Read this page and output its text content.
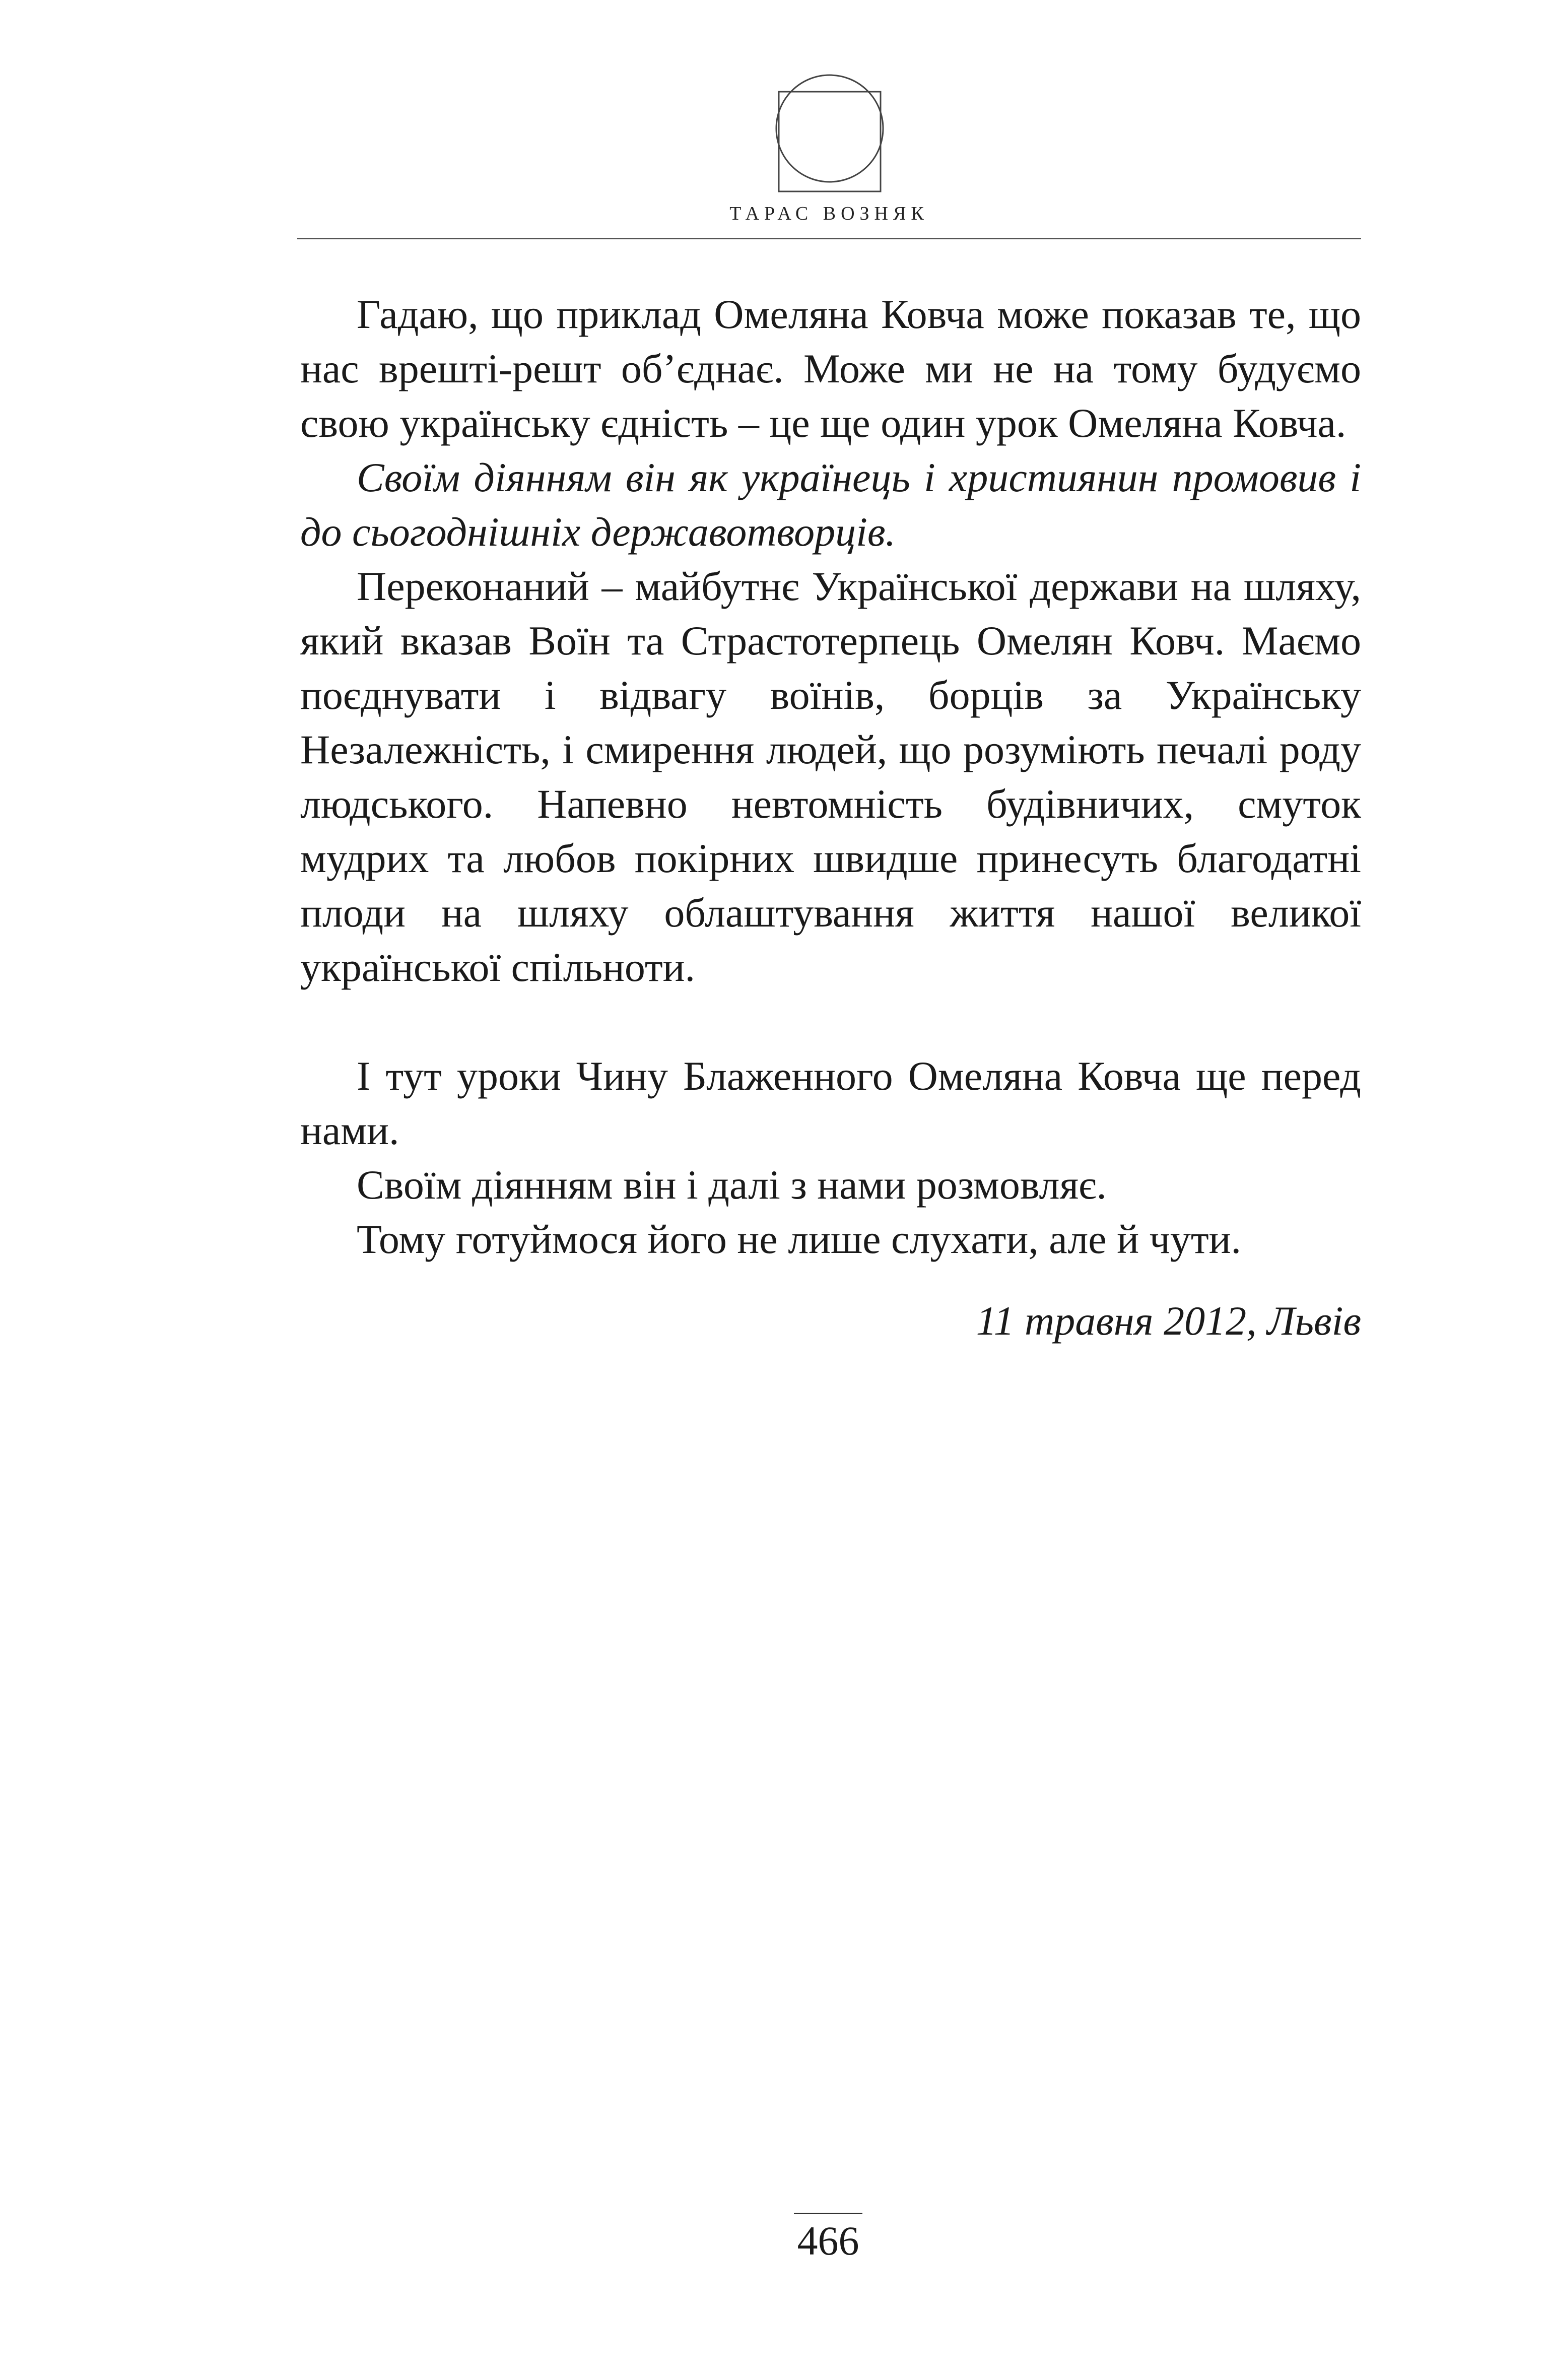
ТАРАС ВОЗНЯК

Гадаю, що приклад Омеляна Ковча може показав те, що нас врешті-решт об’єднає. Може ми не на тому будуємо свою українську єдність – це ще один урок Омеляна Ковча.

Своїм діянням він як українець і християнин промовив і до сьогоднішніх державотворців.

Переконаний – майбутнє Української держави на шляху, який вказав Воїн та Страстотерпець Омелян Ковч. Маємо поєднувати і відвагу воїнів, борців за Українську Незалежність, і смирення людей, що розуміють печалі роду людського. Напевно невтомність будівничих, смуток мудрих та любов покірних швидше принесуть благодатні плоди на шляху облаштування життя нашої великої української спільноти.

І тут уроки Чину Блаженного Омеляна Ковча ще перед нами.

Своїм діянням він і далі з нами розмовляє.

Тому готуймося його не лише слухати, але й чути.

11 травня 2012, Львів

466
